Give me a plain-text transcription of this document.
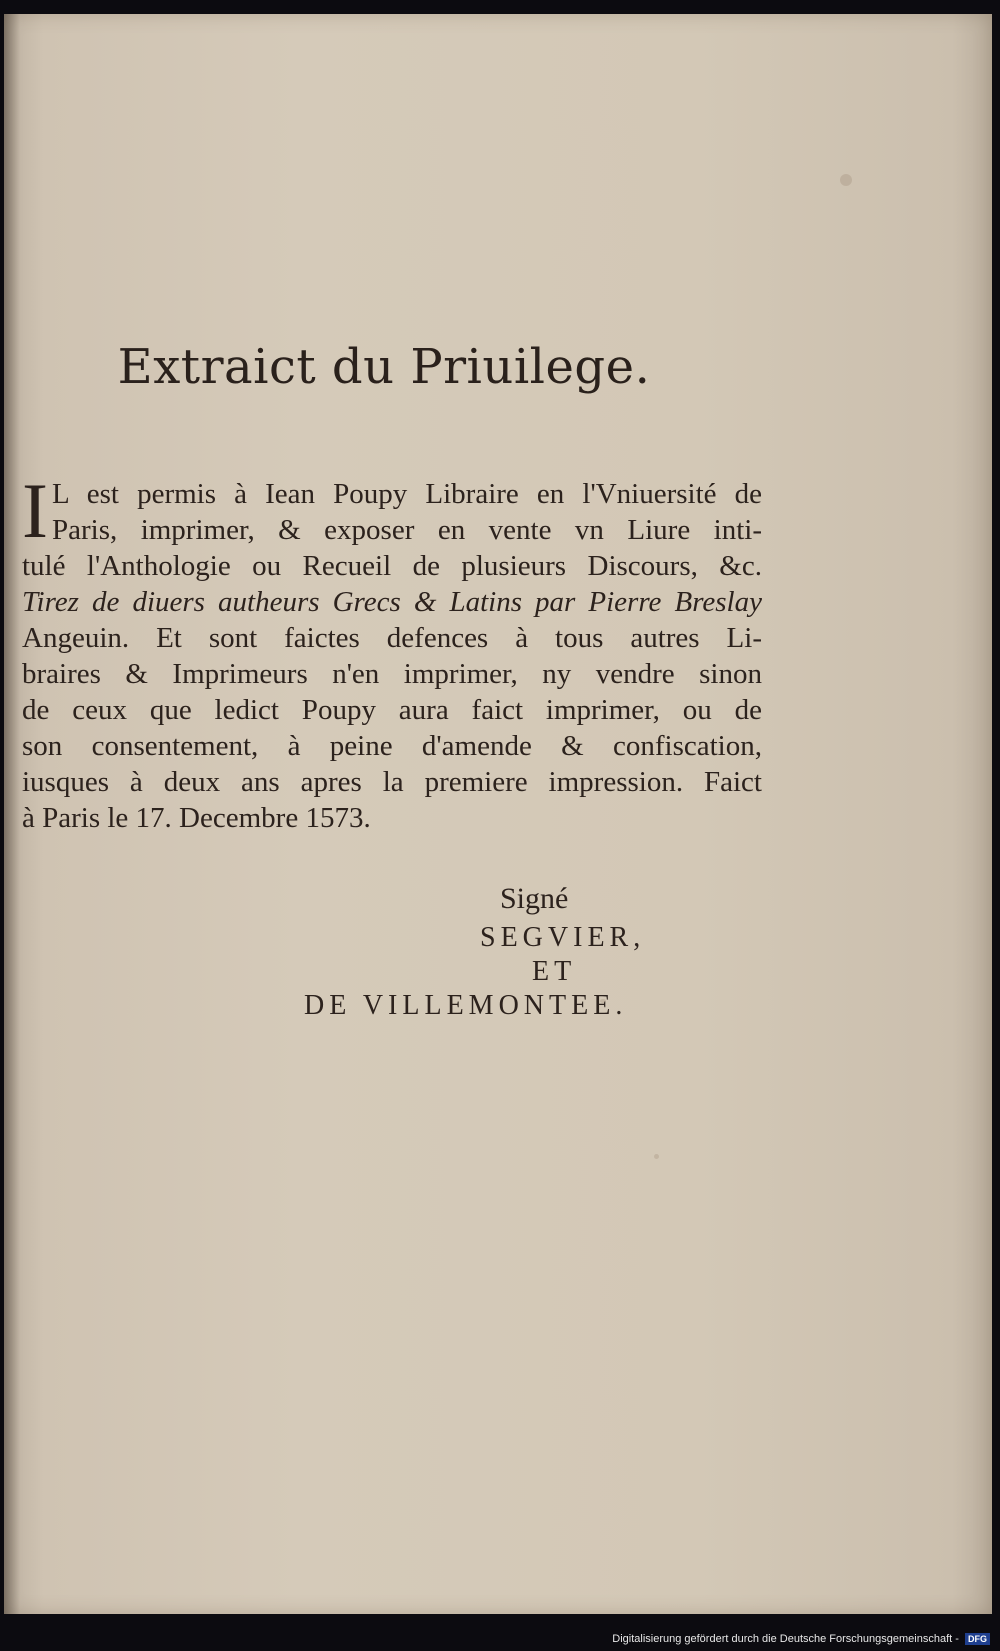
Extraict du Priuilege.
I L est permis à Iean Poupy Libraire en l'Vniuersité de
Paris, imprimer, & exposer en vente vn Liure inti-
tulé l'Anthologie ou Recueil de plusieurs Discours, &c.
Tirez de diuers autheurs Grecs & Latins par Pierre Breslay
Angeuin. Et sont faictes defences à tous autres Li-
braires & Imprimeurs n'en imprimer, ny vendre sinon
de ceux que ledict Poupy aura faict imprimer, ou de
son consentement, à peine d'amende & confiscation,
iusques à deux ans apres la premiere impression. Faict
à Paris le 17. Decembre 1573.
Signé
SEGVIER,
ET
DE VILLEMONTEE.
Digitalisierung gefördert durch die Deutsche Forschungsgemeinschaft - DFG
